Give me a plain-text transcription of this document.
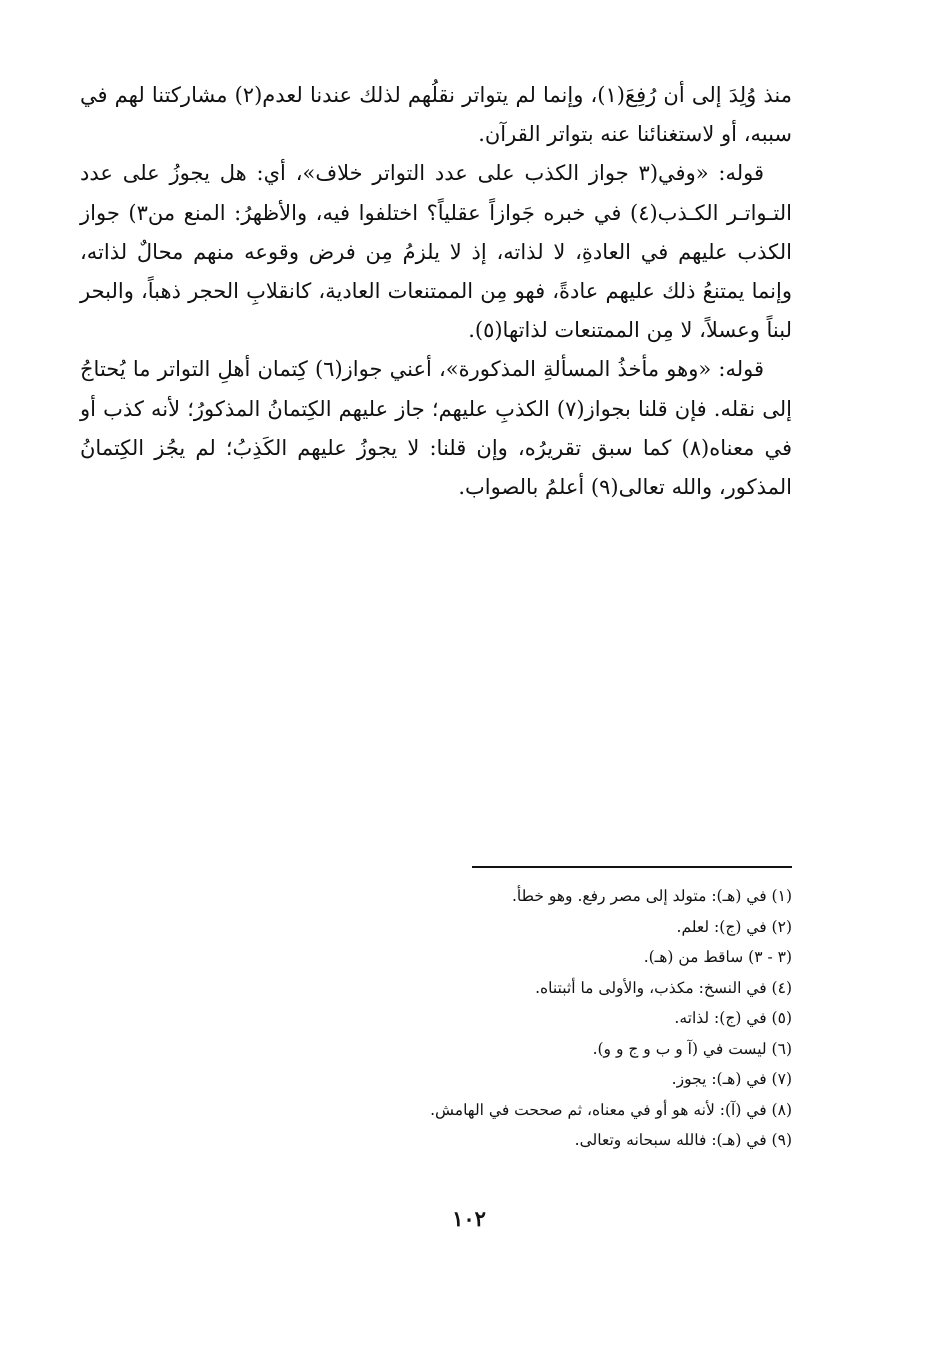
منذ وُلِدَ إلى أن رُفِعَ(١)، وإنما لم يتواتر نقلُهم لذلك عندنا لعدم(٢) مشاركتنا لهم في سببه، أو لاستغنائنا عنه بتواتر القرآن.

قوله: «وفي(٣ جواز الكذب على عدد التواتر خلاف»، أي: هل يجوزُ على عدد التـواتـر الكـذب(٤) في خبره جَوازاً عقلياً؟ اختلفوا فيه، والأظهرُ: المنع من٣) جواز الكذب عليهم في العادةِ، لا لذاته، إذ لا يلزمُ مِن فرض وقوعه منهم محالٌ لذاته، وإنما يمتنعُ ذلك عليهم عادةً، فهو مِن الممتنعات العادية، كانقلابِ الحجر ذهباً، والبحر لبناً وعسلاً، لا مِن الممتنعات لذاتها(٥).

قوله: «وهو مأخذُ المسألةِ المذكورة»، أعني جواز(٦) كِتمان أهلِ التواتر ما يُحتاجُ إلى نقله. فإن قلنا بجواز(٧) الكذبِ عليهم؛ جاز عليهم الكِتمانُ المذكورُ؛ لأنه كذب أو في معناه(٨) كما سبق تقريرُه، وإن قلنا: لا يجوزُ عليهم الكَذِبُ؛ لم يجُز الكِتمانُ المذكور، والله تعالى(٩) أعلمُ بالصواب.

(١) في (هـ): متولد إلى مصر رفع. وهو خطأ.
(٢) في (ج): لعلم.
(٣ - ٣) ساقط من (هـ).
(٤) في النسخ: مكذب، والأولى ما أثبتناه.
(٥) في (ج): لذاته.
(٦) ليست في (آ و ب و ج و و).
(٧) في (هـ): يجوز.
(٨) في (آ): لأنه هو أو في معناه، ثم صححت في الهامش.
(٩) في (هـ): فالله سبحانه وتعالى.
١٠٢
